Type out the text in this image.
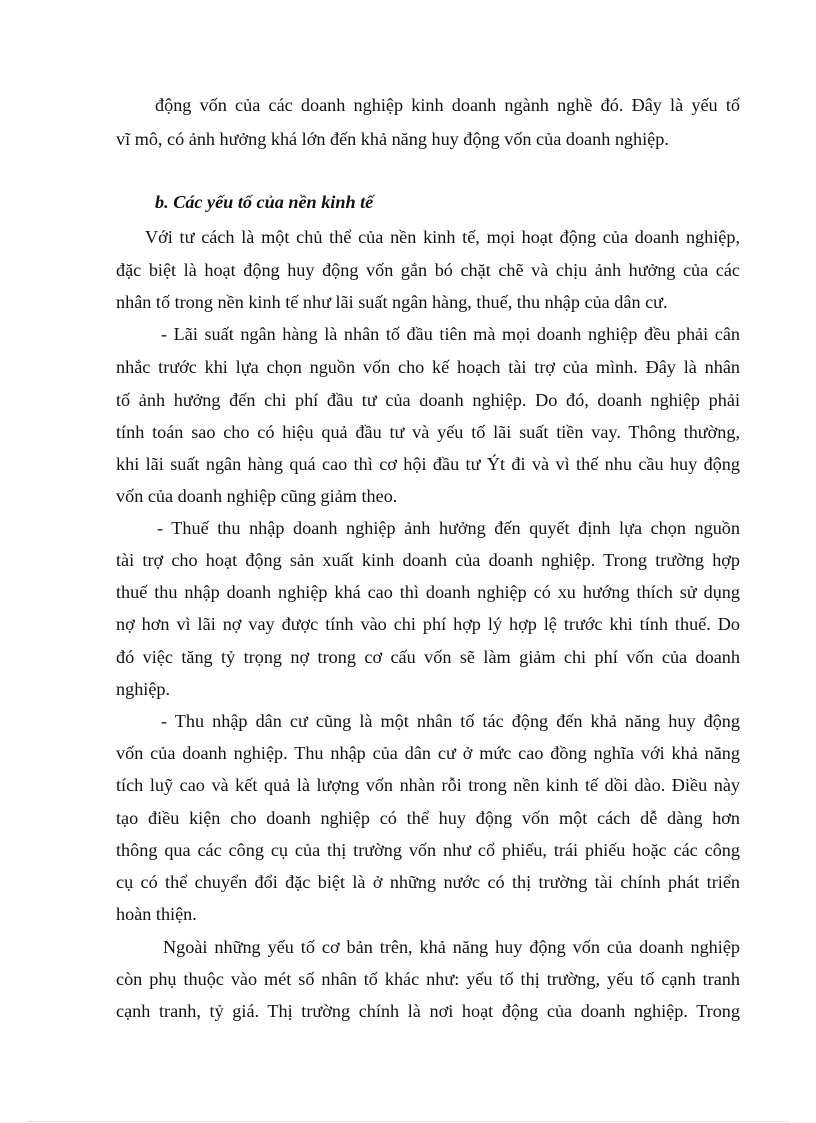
động vốn của các doanh nghiệp kinh doanh ngành nghề đó. Đây là yếu tố
vĩ mô, có ảnh hưởng khá lớn đến khả năng huy động vốn của doanh nghiệp.
b. Các yếu tố của nền kinh tế
Với tư cách là một chủ thể của nền kinh tế, mọi hoạt động của doanh nghiệp,
đặc biệt là hoạt động huy động vốn gắn bó chặt chẽ và chịu ảnh hưởng của các
nhân tố trong nền kinh tế như lãi suất ngân hàng, thuế, thu nhập của dân cư.
- Lãi suất ngân hàng là nhân tố đầu tiên mà mọi doanh nghiệp đều phải cân
nhắc trước khi lựa chọn nguồn vốn cho kế hoạch tài trợ của mình. Đây là nhân
tố ảnh hưởng đến chi phí đầu tư của doanh nghiệp. Do đó, doanh nghiệp phải
tính toán sao cho có hiệu quả đầu tư và yếu tố lãi suất tiền vay. Thông thường,
khi lãi suất ngân hàng quá cao thì cơ hội đầu tư Ýt đi và vì thế nhu cầu huy động
vốn của doanh nghiệp cũng giảm theo.
- Thuế thu nhập doanh nghiệp ảnh hưởng đến quyết định lựa chọn nguồn
tài trợ cho hoạt động sản xuất kinh doanh của doanh nghiệp. Trong trường hợp
thuế thu nhập doanh nghiệp khá cao thì doanh nghiệp có xu hướng thích sử dụng
nợ hơn vì lãi nợ vay được tính vào chi phí hợp lý hợp lệ trước khi tính thuế. Do
đó việc tăng tỷ trọng nợ trong cơ cấu vốn sẽ làm giảm chi phí vốn của doanh
nghiệp.
- Thu nhập dân cư cũng là một nhân tố tác động đến khả năng huy động
vốn của doanh nghiệp. Thu nhập của dân cư ở mức cao đồng nghĩa với khả năng
tích luỹ cao và kết quả là lượng vốn nhàn rỗi trong nền kinh tế dồi dào. Điều này
tạo điều kiện cho doanh nghiệp có thể huy động vốn một cách dễ dàng hơn
thông qua các công cụ của thị trường vốn như cổ phiếu, trái phiếu hoặc các công
cụ có thể chuyển đổi đặc biệt là ở những nước có thị trường tài chính phát triển
hoàn thiện.
Ngoài những yếu tố cơ bản trên, khả năng huy động vốn của doanh nghiệp
còn phụ thuộc vào mét số nhân tố khác như: yếu tố thị trường, yếu tố cạnh tranh
cạnh tranh, tỷ giá. Thị trường chính là nơi hoạt động của doanh nghiệp. Trong
